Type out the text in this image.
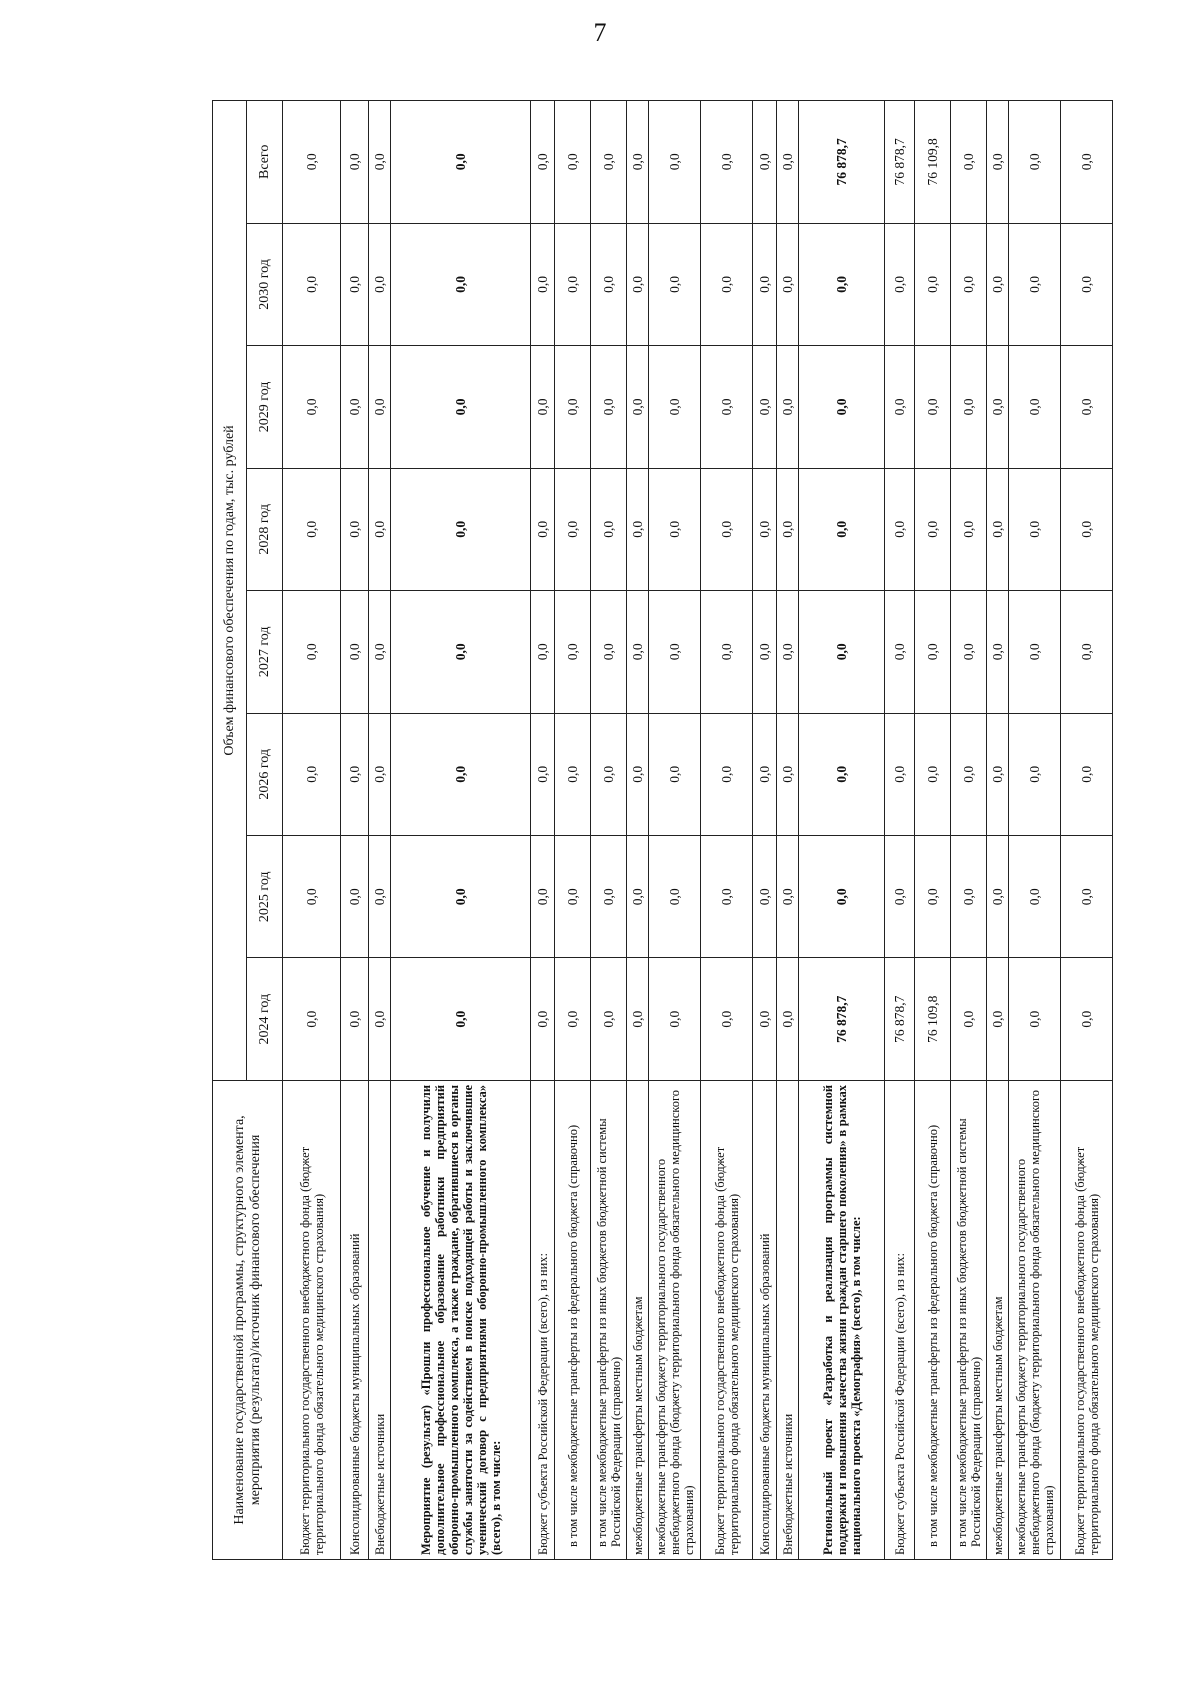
7
Наименование государственной программы, структурного элемента, мероприятия (результата)/источник финансового обеспечения	Объем финансового обеспечения по годам, тыс. рублей							
	2024 год	2025 год	2026 год	2027 год	2028 год	2029 год	2030 год	Всего
Бюджет территориального государственного внебюджетного фонда (бюджет территориального фонда обязательного медицинского страхования)	0,0	0,0	0,0	0,0	0,0	0,0	0,0	0,0
Консолидированные бюджеты муниципальных образований	0,0	0,0	0,0	0,0	0,0	0,0	0,0	0,0
Внебюджетные источники	0,0	0,0	0,0	0,0	0,0	0,0	0,0	0,0
Мероприятие (результат) «Прошли профессиональное обучение и получили дополнительное профессиональное образование работники предприятий оборонно-промышленного комплекса, а также граждане, обратившиеся в органы службы занятости за содействием в поиске подходящей работы и заключившие ученический договор с предприятиями оборонно-промышленного комплекса» (всего), в том числе:	0,0	0,0	0,0	0,0	0,0	0,0	0,0	0,0
Бюджет субъекта Российской Федерации (всего), из них:	0,0	0,0	0,0	0,0	0,0	0,0	0,0	0,0
в том числе межбюджетные трансферты из федерального бюджета (справочно)	0,0	0,0	0,0	0,0	0,0	0,0	0,0	0,0
в том числе межбюджетные трансферты из иных бюджетов бюджетной системы Российской Федерации (справочно)	0,0	0,0	0,0	0,0	0,0	0,0	0,0	0,0
межбюджетные трансферты местным бюджетам	0,0	0,0	0,0	0,0	0,0	0,0	0,0	0,0
межбюджетные трансферты бюджету территориального государственного внебюджетного фонда (бюджету территориального фонда обязательного медицинского страхования)	0,0	0,0	0,0	0,0	0,0	0,0	0,0	0,0
Бюджет территориального государственного внебюджетного фонда (бюджет территориального фонда обязательного медицинского страхования)	0,0	0,0	0,0	0,0	0,0	0,0	0,0	0,0
Консолидированные бюджеты муниципальных образований	0,0	0,0	0,0	0,0	0,0	0,0	0,0	0,0
Внебюджетные источники	0,0	0,0	0,0	0,0	0,0	0,0	0,0	0,0
Региональный проект «Разработка и реализация программы системной поддержки и повышения качества жизни граждан старшего поколения» в рамках национального проекта «Демография» (всего), в том числе:	76 878,7	0,0	0,0	0,0	0,0	0,0	0,0	76 878,7
Бюджет субъекта Российской Федерации (всего), из них:	76 878,7	0,0	0,0	0,0	0,0	0,0	0,0	76 878,7
в том числе межбюджетные трансферты из федерального бюджета (справочно)	76 109,8	0,0	0,0	0,0	0,0	0,0	0,0	76 109,8
в том числе межбюджетные трансферты из иных бюджетов бюджетной системы Российской Федерации (справочно)	0,0	0,0	0,0	0,0	0,0	0,0	0,0	0,0
межбюджетные трансферты местным бюджетам	0,0	0,0	0,0	0,0	0,0	0,0	0,0	0,0
межбюджетные трансферты бюджету территориального государственного внебюджетного фонда (бюджету территориального фонда обязательного медицинского страхования)	0,0	0,0	0,0	0,0	0,0	0,0	0,0	0,0
Бюджет территориального государственного внебюджетного фонда (бюджет территориального фонда обязательного медицинского страхования)	0,0	0,0	0,0	0,0	0,0	0,0	0,0	0,0
